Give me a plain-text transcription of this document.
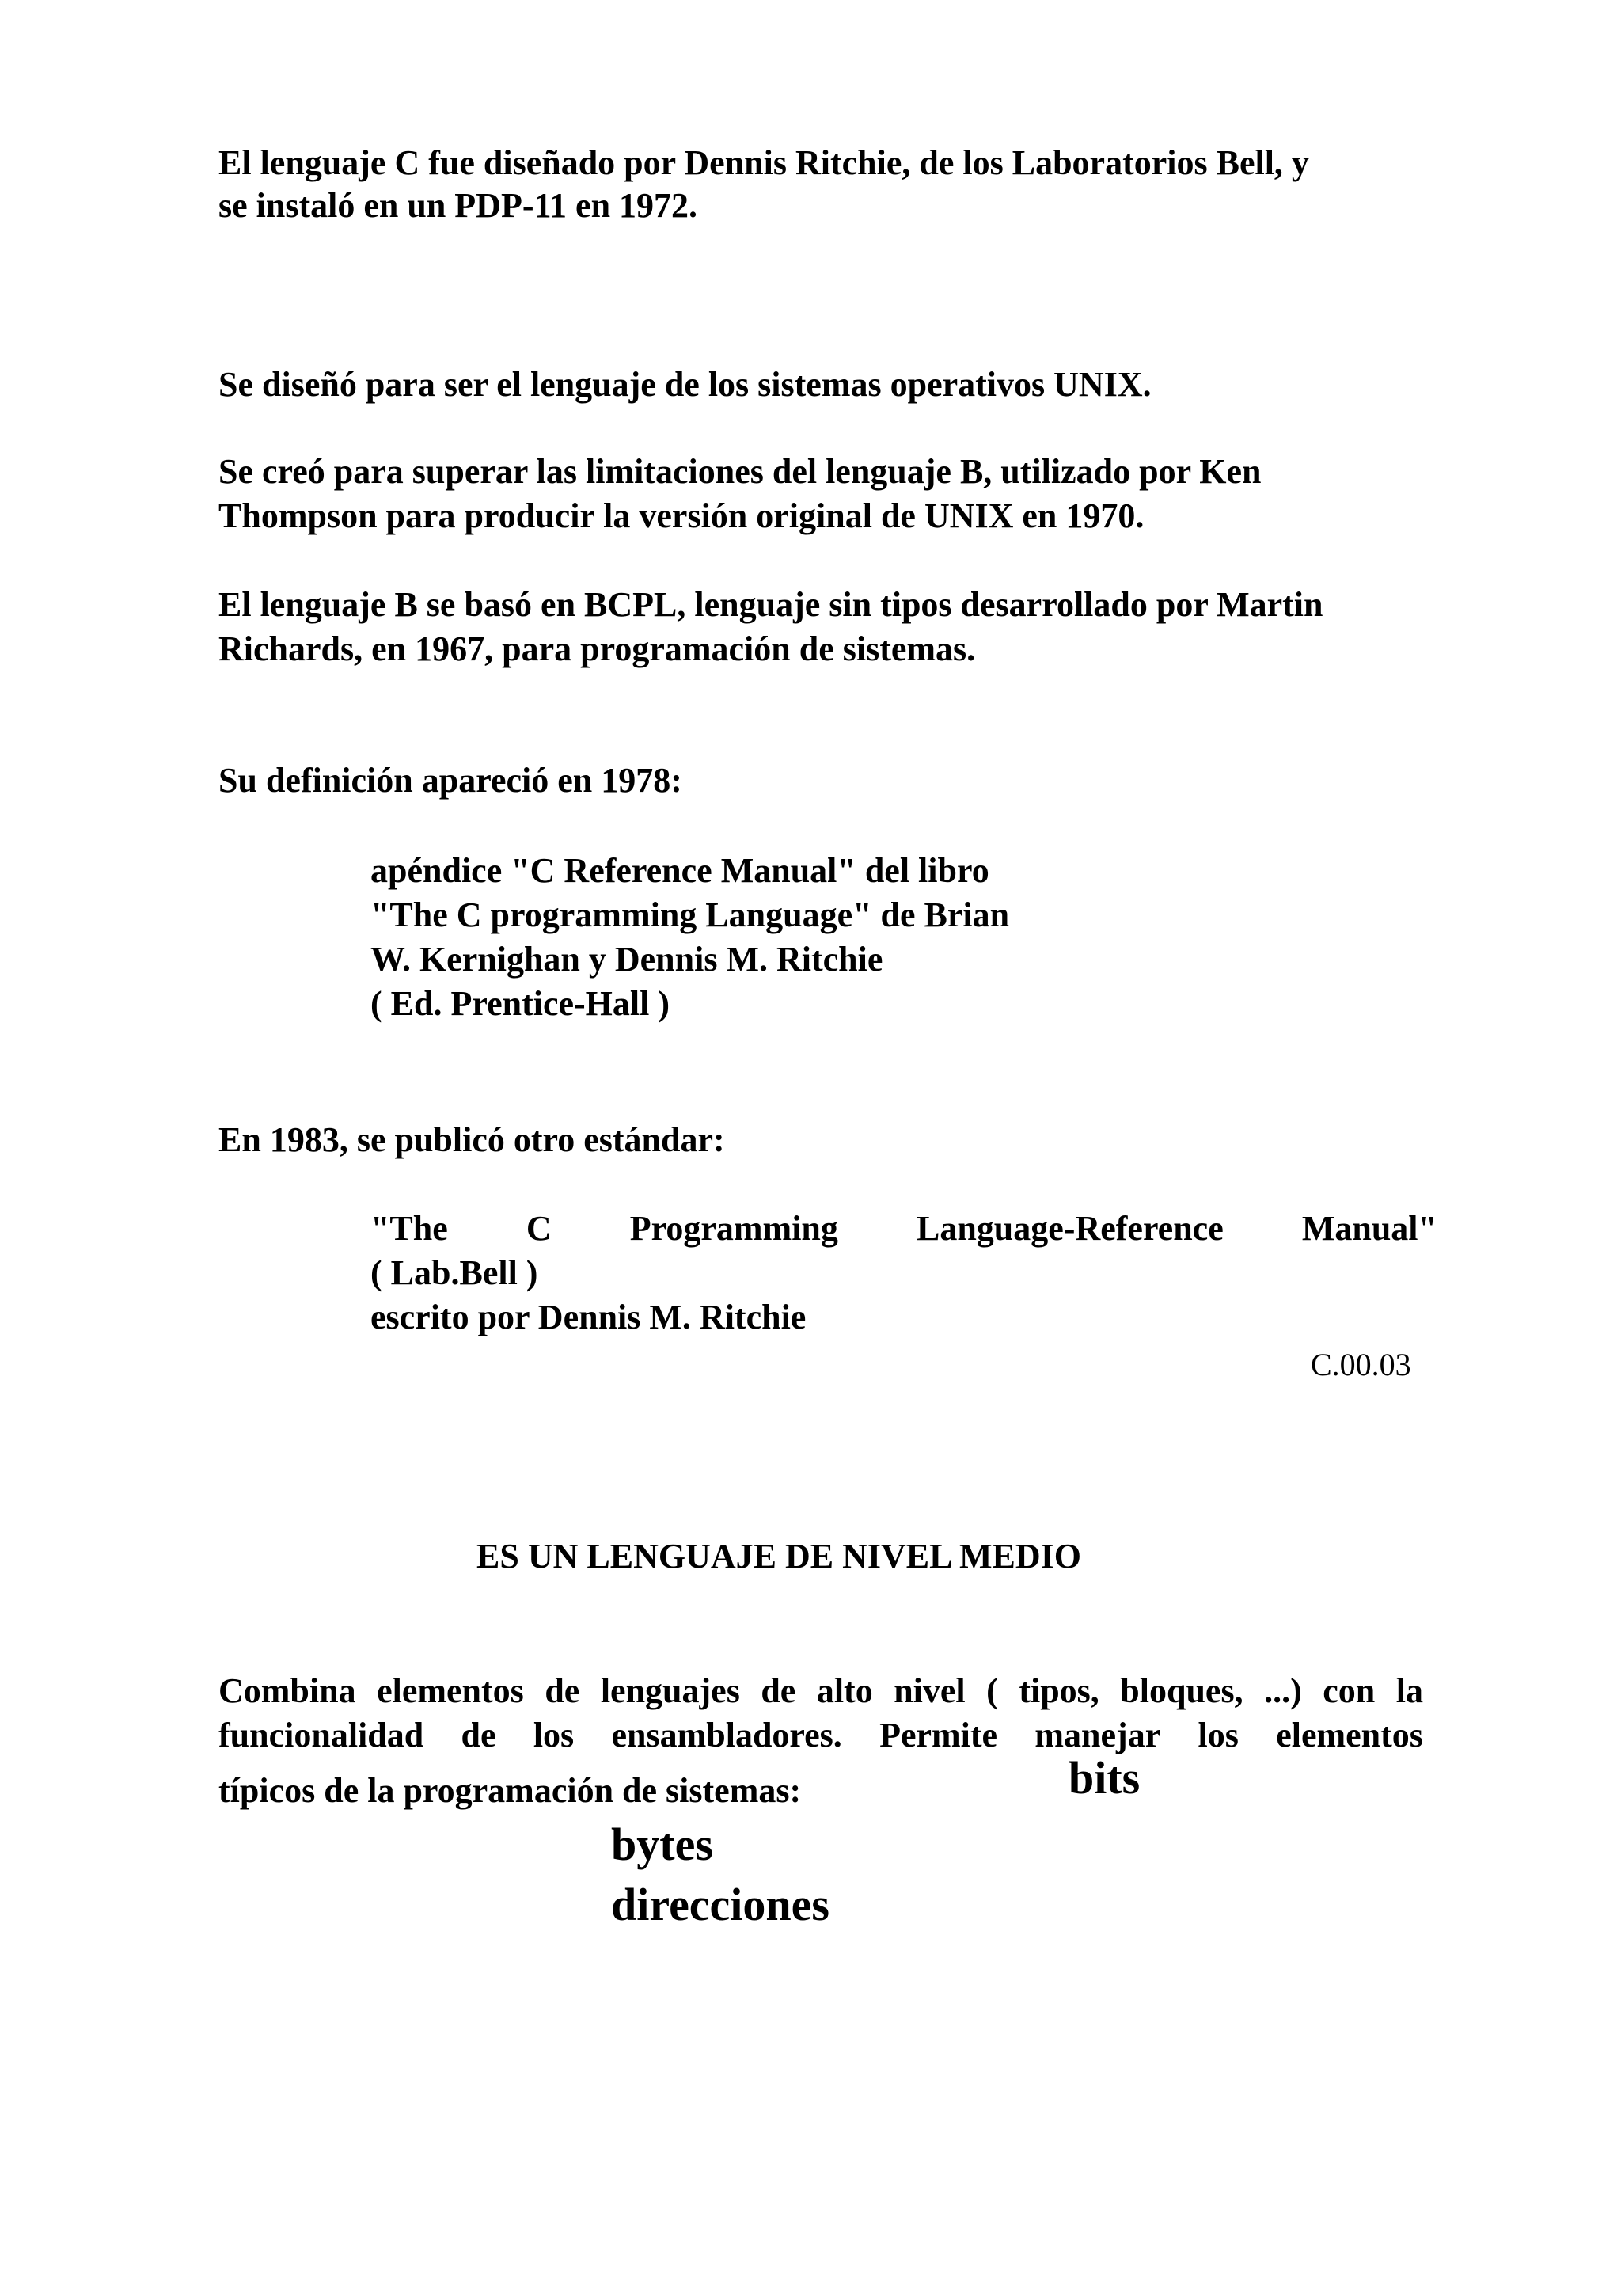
El lenguaje C fue diseñado por Dennis Ritchie, de los Laboratorios Bell, y
se instaló en un PDP-11 en 1972.
Se diseñó para ser el lenguaje de los sistemas operativos UNIX.
Se creó para superar las limitaciones del lenguaje B, utilizado por Ken
Thompson para producir la versión original de UNIX en 1970.
El lenguaje B se basó en BCPL, lenguaje sin tipos desarrollado por Martin
Richards, en 1967, para programación de sistemas.
Su definición apareció en 1978:
apéndice "C Reference Manual" del libro
"The C programming Language" de Brian
W. Kernighan y Dennis M. Ritchie
( Ed. Prentice-Hall )
En 1983, se publicó otro estándar:
"The C Programming Language-Reference Manual"
( Lab.Bell )
escrito por Dennis M. Ritchie
C.00.03
ES UN LENGUAJE DE NIVEL MEDIO
Combina elementos de lenguajes de alto nivel ( tipos, bloques, ...) con la
funcionalidad de los ensambladores. Permite manejar los elementos
típicos de la programación de sistemas:	bits
bytes
direcciones
